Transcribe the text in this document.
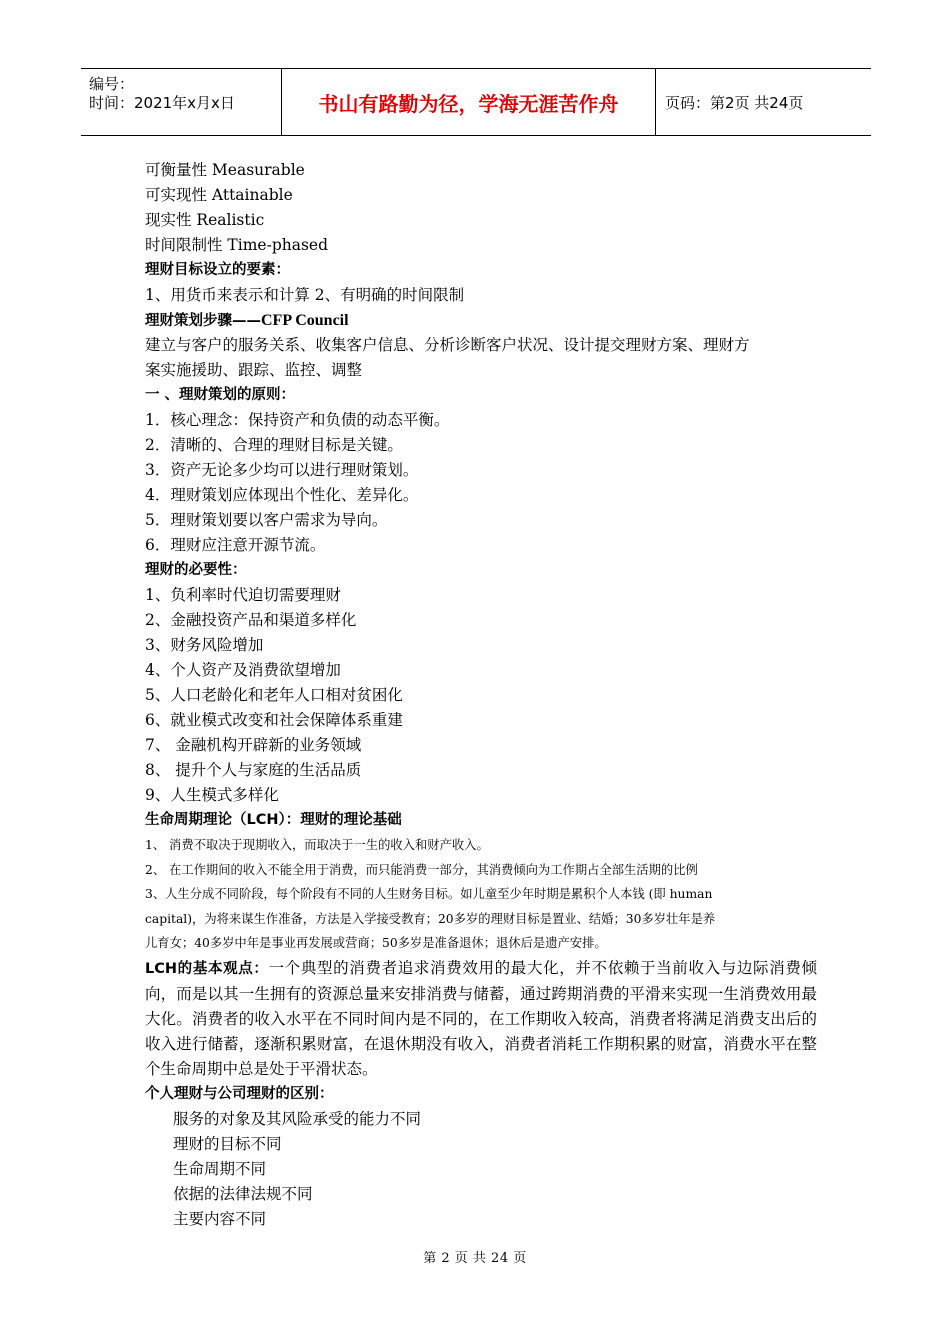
编号：
时间：2021年x月x日	书山有路勤为径，学海无涯苦作舟	页码：第2页 共24页
可衡量性 Measurable
可实现性 Attainable
现实性 Realistic
时间限制性 Time-phased
理财目标设立的要素：
1、用货币来表示和计算 2、有明确的时间限制
理财策划步骤——CFP Council
建立与客户的服务关系、收集客户信息、分析诊断客户状况、设计提交理财方案、理财方
案实施援助、跟踪、监控、调整
一 、理财策划的原则：
1．核心理念：保持资产和负债的动态平衡。
2．清晰的、合理的理财目标是关键。
3．资产无论多少均可以进行理财策划。
4．理财策划应体现出个性化、差异化。
5．理财策划要以客户需求为导向。
6．理财应注意开源节流。
理财的必要性：
1、负利率时代迫切需要理财
2、金融投资产品和渠道多样化
3、财务风险增加
4、个人资产及消费欲望增加
5、人口老龄化和老年人口相对贫困化
6、就业模式改变和社会保障体系重建
7、 金融机构开辟新的业务领域
8、 提升个人与家庭的生活品质
9、人生模式多样化
生命周期理论（LCH）：理财的理论基础
1、 消费不取决于现期收入，而取决于一生的收入和财产收入。
2、 在工作期间的收入不能全用于消费，而只能消费一部分，其消费倾向为工作期占全部生活期的比例
3、人生分成不同阶段，每个阶段有不同的人生财务目标。如儿童至少年时期是累积个人本钱 (即 human
capital)，为将来谋生作准备，方法是入学接受教育；20多岁的理财目标是置业、结婚；30多岁壮年是养
儿育女；40多岁中年是事业再发展或营商；50多岁是准备退休；退休后是遗产安排。
LCH的基本观点：一个典型的消费者追求消费效用的最大化，并不依赖于当前收入与边际消费倾向，而是以其一生拥有的资源总量来安排消费与储蓄，通过跨期消费的平滑来实现一生消费效用最大化。消费者的收入水平在不同时间内是不同的，在工作期收入较高，消费者将满足消费支出后的收入进行储蓄，逐渐积累财富，在退休期没有收入，消费者消耗工作期积累的财富，消费水平在整个生命周期中总是处于平滑状态。
个人理财与公司理财的区别：
服务的对象及其风险承受的能力不同
理财的目标不同
生命周期不同
依据的法律法规不同
主要内容不同
第 2 页 共 24 页
